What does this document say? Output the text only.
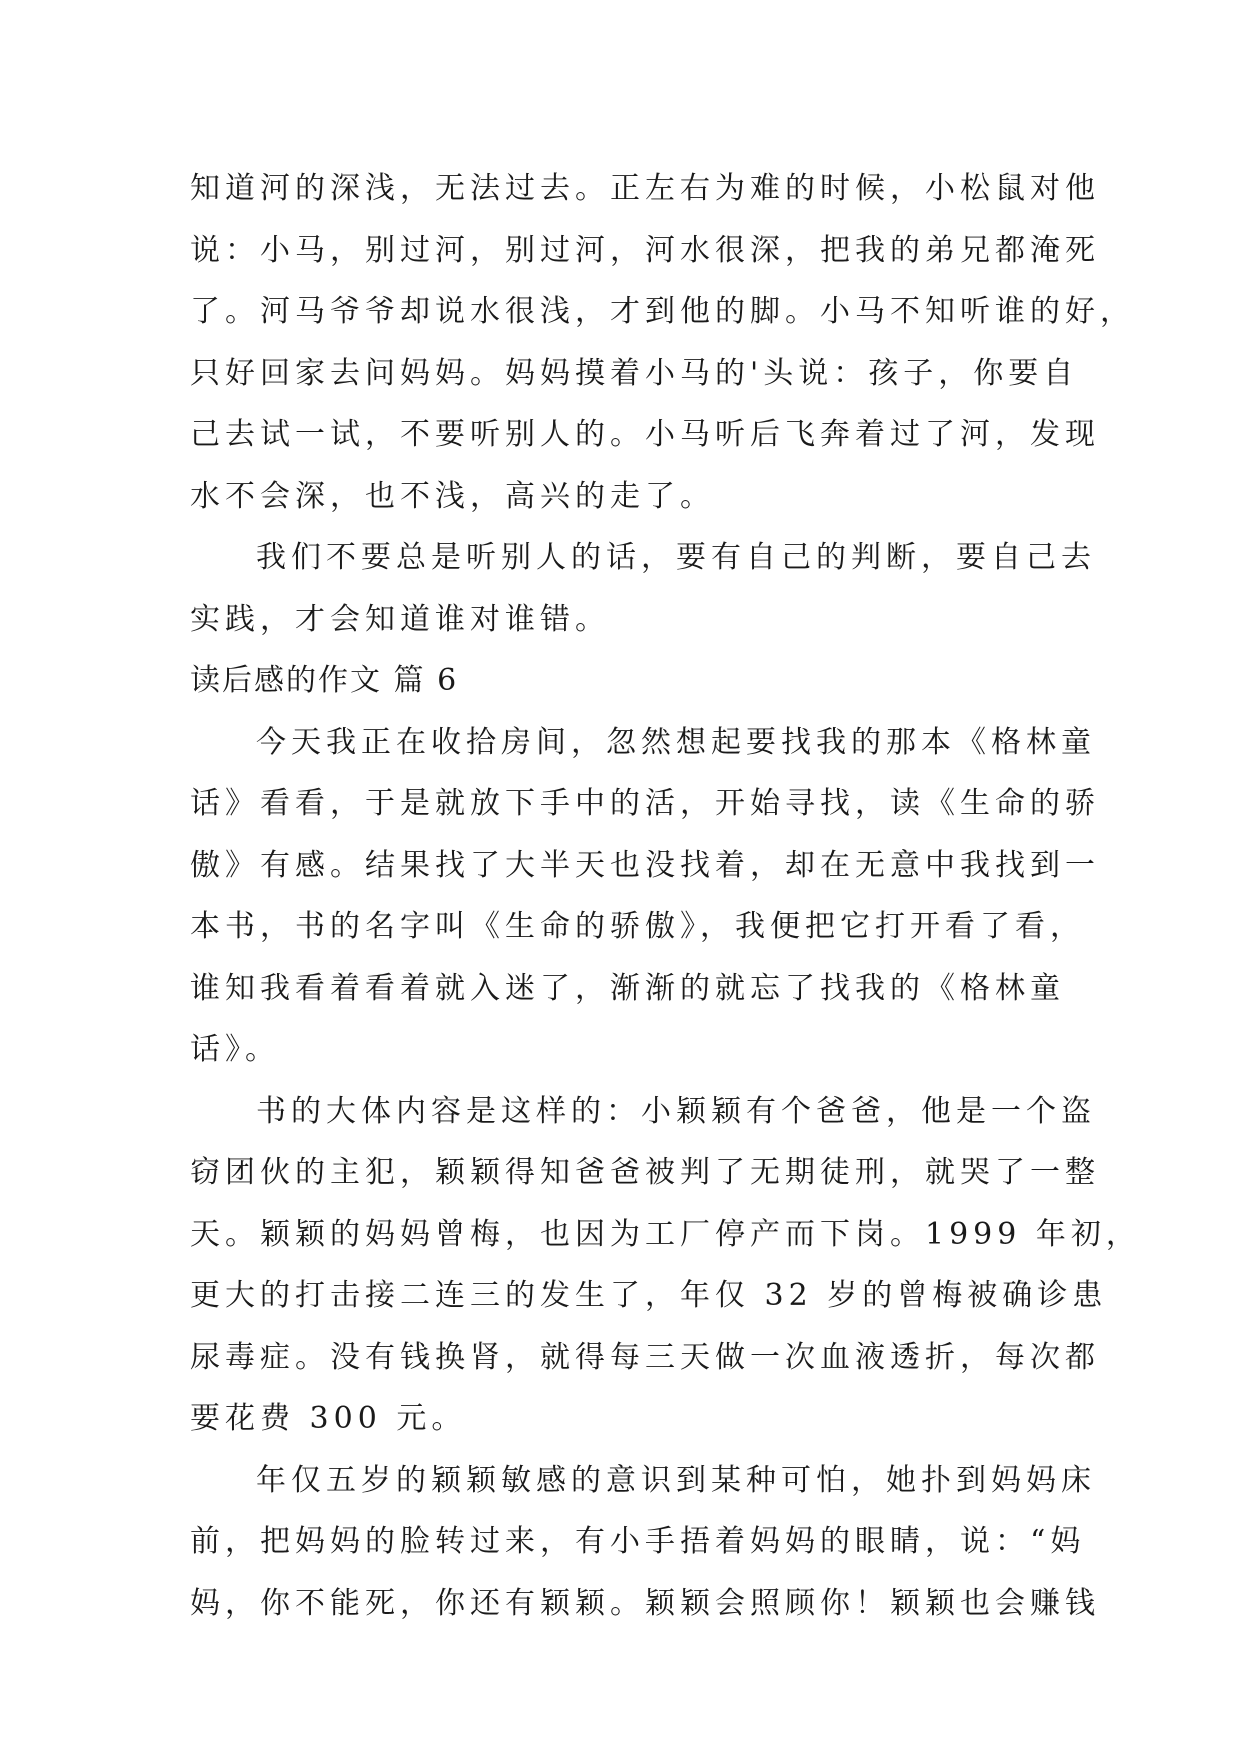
知道河的深浅，无法过去。正左右为难的时候，小松鼠对他
说：小马，别过河，别过河，河水很深，把我的弟兄都淹死
了。河马爷爷却说水很浅，才到他的脚。小马不知听谁的好，
只好回家去问妈妈。妈妈摸着小马的'头说：孩子，你要自
己去试一试，不要听别人的。小马听后飞奔着过了河，发现
水不会深，也不浅，高兴的走了。
我们不要总是听别人的话，要有自己的判断，要自己去
实践，才会知道谁对谁错。
读后感的作文 篇 6
今天我正在收拾房间，忽然想起要找我的那本《格林童
话》看看，于是就放下手中的活，开始寻找，读《生命的骄
傲》有感。结果找了大半天也没找着，却在无意中我找到一
本书，书的名字叫《生命的骄傲》，我便把它打开看了看，
谁知我看着看着就入迷了，渐渐的就忘了找我的《格林童
话》。
书的大体内容是这样的：小颖颖有个爸爸，他是一个盗
窃团伙的主犯，颖颖得知爸爸被判了无期徒刑，就哭了一整
天。颖颖的妈妈曾梅，也因为工厂停产而下岗。1999 年初，
更大的打击接二连三的发生了，年仅 32 岁的曾梅被确诊患
尿毒症。没有钱换肾，就得每三天做一次血液透折，每次都
要花费 300 元。
年仅五岁的颖颖敏感的意识到某种可怕，她扑到妈妈床
前，把妈妈的脸转过来，有小手捂着妈妈的眼睛，说：“妈
妈，你不能死，你还有颖颖。颖颖会照顾你！颖颖也会赚钱
